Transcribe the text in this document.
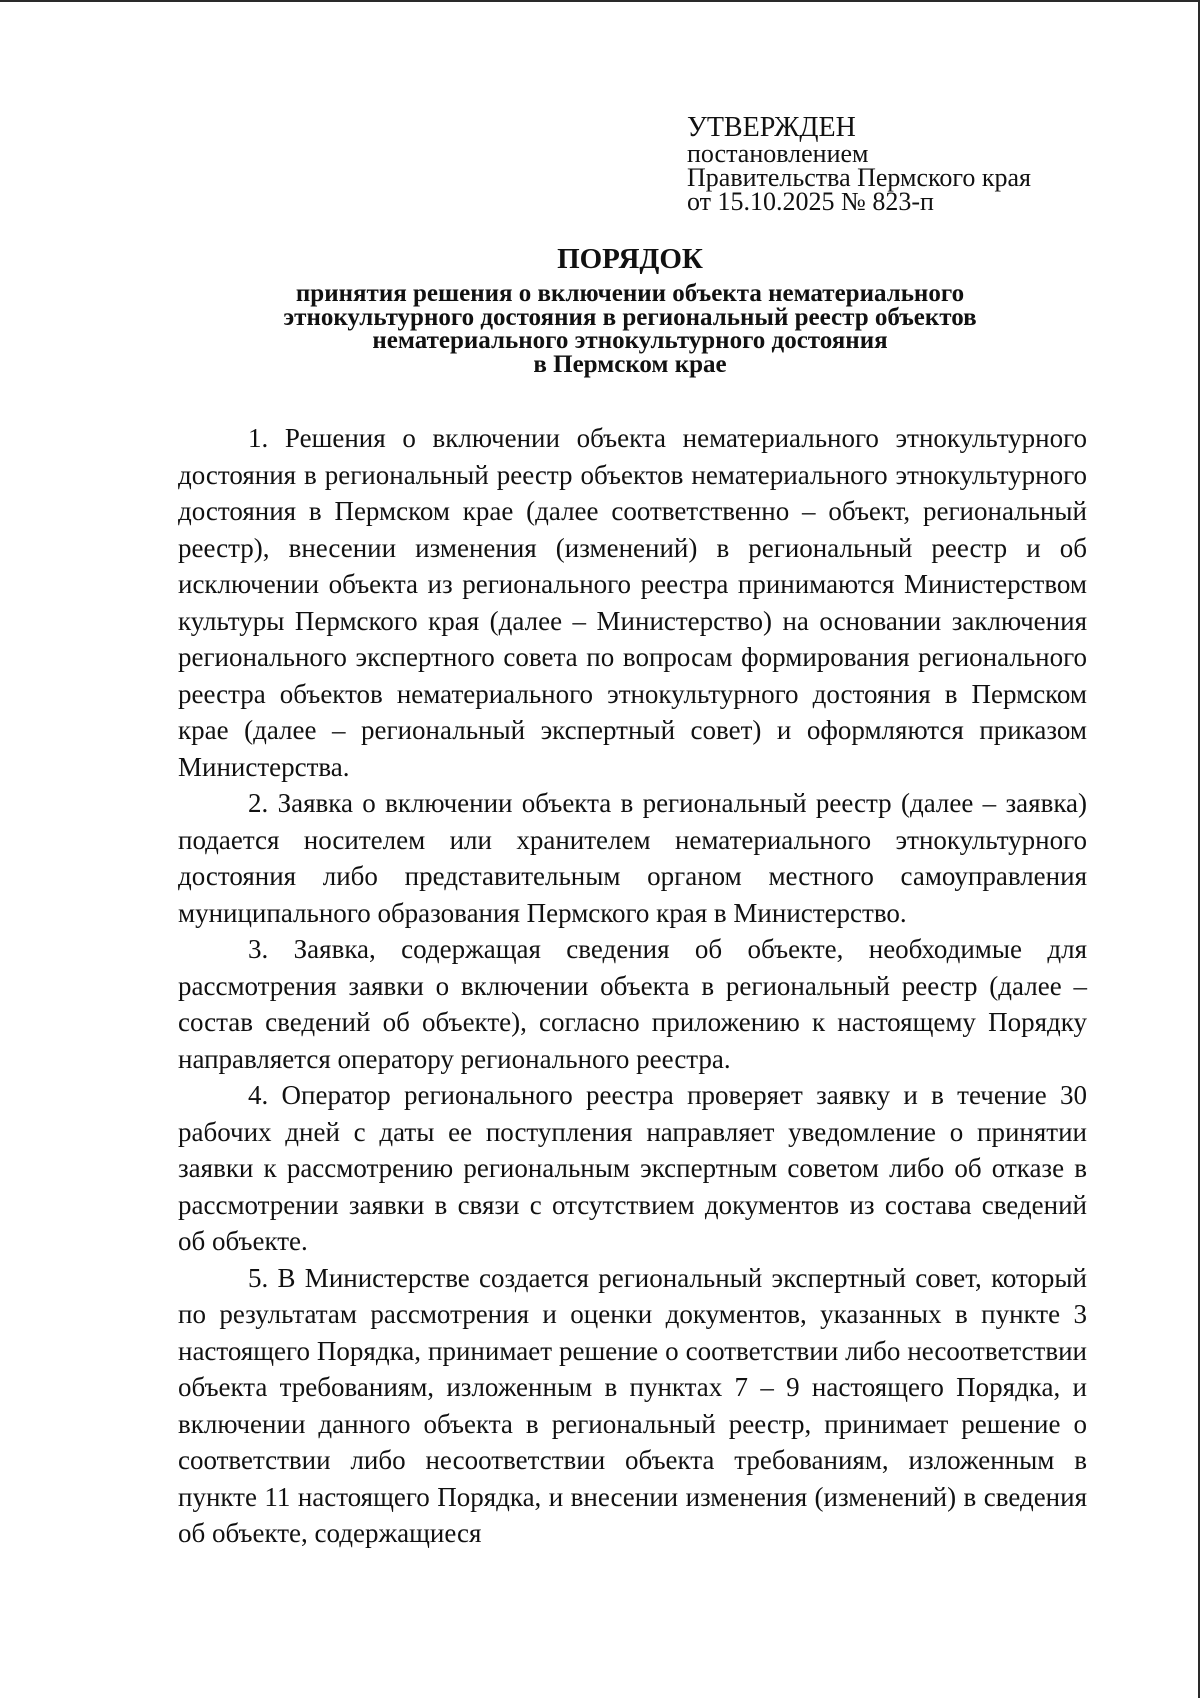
УТВЕРЖДЕН
постановлением
Правительства Пермского края
от 15.10.2025 № 823-п
ПОРЯДОК
принятия решения о включении объекта нематериального
этнокультурного достояния в региональный реестр объектов
нематериального этнокультурного достояния
в Пермском крае

1. Решения о включении объекта нематериального этнокультурного достояния в региональный реестр объектов нематериального этнокультурного достояния в Пермском крае (далее соответственно – объект, региональный реестр), внесении изменения (изменений) в региональный реестр и об исключении объекта из регионального реестра принимаются Министерством культуры Пермского края (далее – Министерство) на основании заключения регионального экспертного совета по вопросам формирования регионального реестра объектов нематериального этнокультурного достояния в Пермском крае (далее – региональный экспертный совет) и оформляются приказом Министерства.

2. Заявка о включении объекта в региональный реестр (далее – заявка) подается носителем или хранителем нематериального этнокультурного достояния либо представительным органом местного самоуправления муниципального образования Пермского края в Министерство.

3. Заявка, содержащая сведения об объекте, необходимые для рассмотрения заявки о включении объекта в региональный реестр (далее – состав сведений об объекте), согласно приложению к настоящему Порядку направляется оператору регионального реестра.

4. Оператор регионального реестра проверяет заявку и в течение 30 рабочих дней с даты ее поступления направляет уведомление о принятии заявки к рассмотрению региональным экспертным советом либо об отказе в рассмотрении заявки в связи с отсутствием документов из состава сведений об объекте.

5. В Министерстве создается региональный экспертный совет, который по результатам рассмотрения и оценки документов, указанных в пункте 3 настоящего Порядка, принимает решение о соответствии либо несоответствии объекта требованиям, изложенным в пунктах 7 – 9 настоящего Порядка, и включении данного объекта в региональный реестр, принимает решение о соответствии либо несоответствии объекта требованиям, изложенным в пункте 11 настоящего Порядка, и внесении изменения (изменений) в сведения об объекте, содержащиеся
